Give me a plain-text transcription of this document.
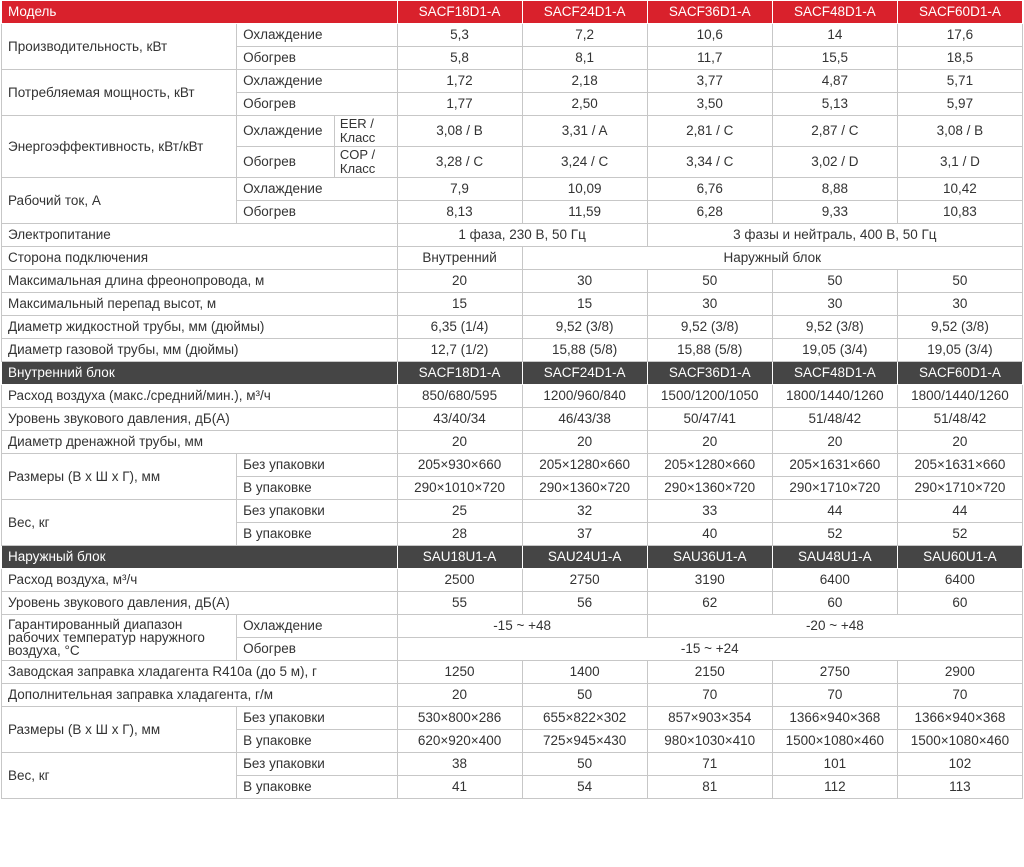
Модель			SACF18D1-A	SACF24D1-A	SACF36D1-A	SACF48D1-A	SACF60D1-A
Производительность, кВт	Охлаждение		5,3	7,2	10,6	14	17,6
	Обогрев		5,8	8,1	11,7	15,5	18,5
Потребляемая мощность, кВт	Охлаждение		1,72	2,18	3,77	4,87	5,71
	Обогрев		1,77	2,50	3,50	5,13	5,97
Энергоэффективность, кВт/кВт	Охлаждение	EER / Класс	3,08 / B	3,31 / A	2,81 / C	2,87 / C	3,08 / B
	Обогрев	COP / Класс	3,28 / C	3,24 / C	3,34 / C	3,02 / D	3,1 / D
Рабочий ток, А	Охлаждение		7,9	10,09	6,76	8,88	10,42
	Обогрев		8,13	11,59	6,28	9,33	10,83
Электропитание			1 фаза, 230 В, 50 Гц		3 фазы и нейтраль, 400 В, 50 Гц		
Сторона подключения			Внутренний	Наружный блок			
Максимальная длина фреонопровода, м			20	30	50	50	50
Максимальный перепад высот, м			15	15	30	30	30
Диаметр жидкостной трубы, мм (дюймы)			6,35 (1/4)	9,52 (3/8)	9,52 (3/8)	9,52 (3/8)	9,52 (3/8)
Диаметр газовой трубы, мм (дюймы)			12,7 (1/2)	15,88 (5/8)	15,88 (5/8)	19,05 (3/4)	19,05 (3/4)
Внутренний блок			SACF18D1-A	SACF24D1-A	SACF36D1-A	SACF48D1-A	SACF60D1-A
Расход воздуха (макс./средний/мин.), м³/ч			850/680/595	1200/960/840	1500/1200/1050	1800/1440/1260	1800/1440/1260
Уровень звукового давления, дБ(А)			43/40/34	46/43/38	50/47/41	51/48/42	51/48/42
Диаметр дренажной трубы, мм			20	20	20	20	20
Размеры (В х Ш х Г), мм	Без упаковки		205×930×660	205×1280×660	205×1280×660	205×1631×660	205×1631×660
	В упаковке		290×1010×720	290×1360×720	290×1360×720	290×1710×720	290×1710×720
Вес, кг	Без упаковки		25	32	33	44	44
	В упаковке		28	37	40	52	52
Наружный блок			SAU18U1-A	SAU24U1-A	SAU36U1-A	SAU48U1-A	SAU60U1-A
Расход воздуха, м³/ч			2500	2750	3190	6400	6400
Уровень звукового давления, дБ(А)			55	56	62	60	60
Гарантированный диапазон рабочих температур наружного воздуха, °C	Охлаждение		-15 ~ +48		-20 ~ +48		
	Обогрев		-15 ~ +24				
Заводская заправка хладагента R410a (до 5 м), г			1250	1400	2150	2750	2900
Дополнительная заправка хладагента, г/м			20	50	70	70	70
Размеры (В х Ш х Г), мм	Без упаковки		530×800×286	655×822×302	857×903×354	1366×940×368	1366×940×368
	В упаковке		620×920×400	725×945×430	980×1030×410	1500×1080×460	1500×1080×460
Вес, кг	Без упаковки		38	50	71	101	102
	В упаковке		41	54	81	112	113
